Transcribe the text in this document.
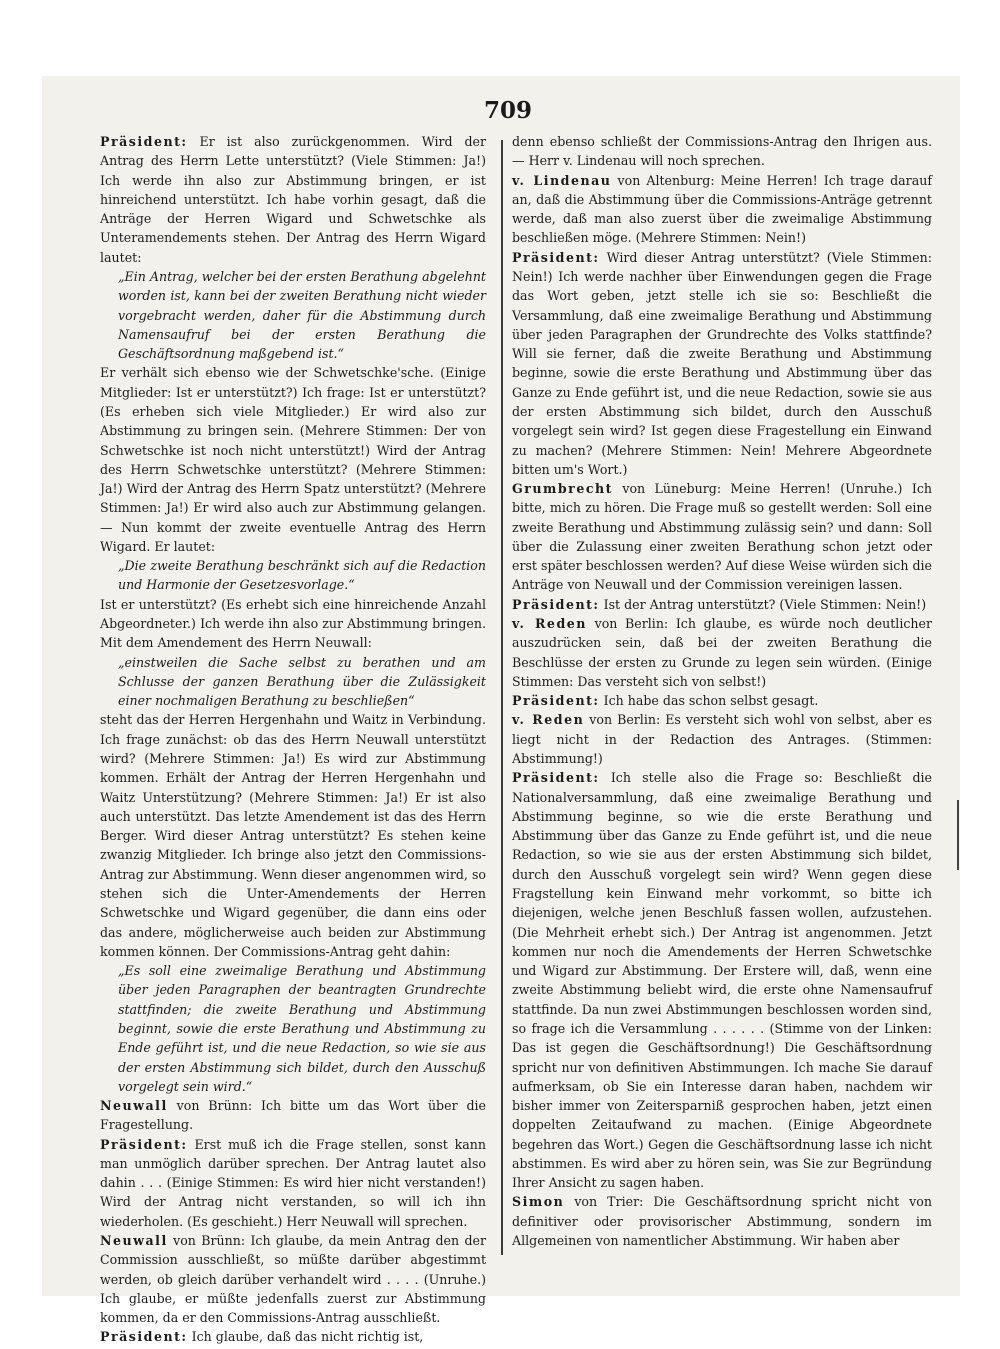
709

Präsident: Er ist also zurückgenommen. Wird der Antrag des Herrn Lette unterstützt? (Viele Stimmen: Ja!) Ich werde ihn also zur Abstimmung bringen, er ist hinreichend unterstützt. Ich habe vorhin gesagt, daß die Anträge der Herren Wigard und Schwetschke als Unteramendements stehen. Der Antrag des Herrn Wigard lautet:

„Ein Antrag, welcher bei der ersten Berathung abgelehnt worden ist, kann bei der zweiten Berathung nicht wieder vorgebracht werden, daher für die Abstimmung durch Namensaufruf bei der ersten Berathung die Geschäftsordnung maßgebend ist.“

Er verhält sich ebenso wie der Schwetschke'sche. (Einige Mitglieder: Ist er unterstützt?) Ich frage: Ist er unterstützt? (Es erheben sich viele Mitglieder.) Er wird also zur Abstimmung zu bringen sein. (Mehrere Stimmen: Der von Schwetschke ist noch nicht unterstützt!) Wird der Antrag des Herrn Schwetschke unterstützt? (Mehrere Stimmen: Ja!) Wird der Antrag des Herrn Spatz unterstützt? (Mehrere Stimmen: Ja!) Er wird also auch zur Abstimmung gelangen. — Nun kommt der zweite eventuelle Antrag des Herrn Wigard. Er lautet:

„Die zweite Berathung beschränkt sich auf die Redaction und Harmonie der Gesetzesvorlage.“

Ist er unterstützt? (Es erhebt sich eine hinreichende Anzahl Abgeordneter.) Ich werde ihn also zur Abstimmung bringen. Mit dem Amendement des Herrn Neuwall:

„einstweilen die Sache selbst zu berathen und am Schlusse der ganzen Berathung über die Zulässigkeit einer nochmaligen Berathung zu beschließen“

steht das der Herren Hergenhahn und Waitz in Verbindung. Ich frage zunächst: ob das des Herrn Neuwall unterstützt wird? (Mehrere Stimmen: Ja!) Es wird zur Abstimmung kommen. Erhält der Antrag der Herren Hergenhahn und Waitz Unterstützung? (Mehrere Stimmen: Ja!) Er ist also auch unterstützt. Das letzte Amendement ist das des Herrn Berger. Wird dieser Antrag unterstützt? Es stehen keine zwanzig Mitglieder. Ich bringe also jetzt den Commissions-Antrag zur Abstimmung. Wenn dieser angenommen wird, so stehen sich die Unter-Amendements der Herren Schwetschke und Wigard gegenüber, die dann eins oder das andere, möglicherweise auch beiden zur Abstimmung kommen können. Der Commissions-Antrag geht dahin:

„Es soll eine zweimalige Berathung und Abstimmung über jeden Paragraphen der beantragten Grundrechte stattfinden; die zweite Berathung und Abstimmung beginnt, sowie die erste Berathung und Abstimmung zu Ende geführt ist, und die neue Redaction, so wie sie aus der ersten Abstimmung sich bildet, durch den Ausschuß vorgelegt sein wird.“

Neuwall von Brünn: Ich bitte um das Wort über die Fragestellung.

Präsident: Erst muß ich die Frage stellen, sonst kann man unmöglich darüber sprechen. Der Antrag lautet also dahin . . . (Einige Stimmen: Es wird hier nicht verstanden!) Wird der Antrag nicht verstanden, so will ich ihn wiederholen. (Es geschieht.) Herr Neuwall will sprechen.

Neuwall von Brünn: Ich glaube, da mein Antrag den der Commission ausschließt, so müßte darüber abgestimmt werden, ob gleich darüber verhandelt wird . . . . (Unruhe.) Ich glaube, er müßte jedenfalls zuerst zur Abstimmung kommen, da er den Commissions-Antrag ausschließt.

Präsident: Ich glaube, daß das nicht richtig ist,

denn ebenso schließt der Commissions-Antrag den Ihrigen aus. — Herr v. Lindenau will noch sprechen.

v. Lindenau von Altenburg: Meine Herren! Ich trage darauf an, daß die Abstimmung über die Commissions-Anträge getrennt werde, daß man also zuerst über die zweimalige Abstimmung beschließen möge. (Mehrere Stimmen: Nein!)

Präsident: Wird dieser Antrag unterstützt? (Viele Stimmen: Nein!) Ich werde nachher über Einwendungen gegen die Frage das Wort geben, jetzt stelle ich sie so: Beschließt die Versammlung, daß eine zweimalige Berathung und Abstimmung über jeden Paragraphen der Grundrechte des Volks stattfinde? Will sie ferner, daß die zweite Berathung und Abstimmung beginne, sowie die erste Berathung und Abstimmung über das Ganze zu Ende geführt ist, und die neue Redaction, sowie sie aus der ersten Abstimmung sich bildet, durch den Ausschuß vorgelegt sein wird? Ist gegen diese Fragestellung ein Einwand zu machen? (Mehrere Stimmen: Nein! Mehrere Abgeordnete bitten um's Wort.)

Grumbrecht von Lüneburg: Meine Herren! (Unruhe.) Ich bitte, mich zu hören. Die Frage muß so gestellt werden: Soll eine zweite Berathung und Abstimmung zulässig sein? und dann: Soll über die Zulassung einer zweiten Berathung schon jetzt oder erst später beschlossen werden? Auf diese Weise würden sich die Anträge von Neuwall und der Commission vereinigen lassen.

Präsident: Ist der Antrag unterstützt? (Viele Stimmen: Nein!)

v. Reden von Berlin: Ich glaube, es würde noch deutlicher auszudrücken sein, daß bei der zweiten Berathung die Beschlüsse der ersten zu Grunde zu legen sein würden. (Einige Stimmen: Das versteht sich von selbst!)

Präsident: Ich habe das schon selbst gesagt.

v. Reden von Berlin: Es versteht sich wohl von selbst, aber es liegt nicht in der Redaction des Antrages. (Stimmen: Abstimmung!)

Präsident: Ich stelle also die Frage so: Beschließt die Nationalversammlung, daß eine zweimalige Berathung und Abstimmung beginne, so wie die erste Berathung und Abstimmung über das Ganze zu Ende geführt ist, und die neue Redaction, so wie sie aus der ersten Abstimmung sich bildet, durch den Ausschuß vorgelegt sein wird? Wenn gegen diese Fragstellung kein Einwand mehr vorkommt, so bitte ich diejenigen, welche jenen Beschluß fassen wollen, aufzustehen. (Die Mehrheit erhebt sich.) Der Antrag ist angenommen. Jetzt kommen nur noch die Amendements der Herren Schwetschke und Wigard zur Abstimmung. Der Erstere will, daß, wenn eine zweite Abstimmung beliebt wird, die erste ohne Namensaufruf stattfinde. Da nun zwei Abstimmungen beschlossen worden sind, so frage ich die Versammlung . . . . . . (Stimme von der Linken: Das ist gegen die Geschäftsordnung!) Die Geschäftsordnung spricht nur von definitiven Abstimmungen. Ich mache Sie darauf aufmerksam, ob Sie ein Interesse daran haben, nachdem wir bisher immer von Zeitersparniß gesprochen haben, jetzt einen doppelten Zeitaufwand zu machen. (Einige Abgeordnete begehren das Wort.) Gegen die Geschäftsordnung lasse ich nicht abstimmen. Es wird aber zu hören sein, was Sie zur Begründung Ihrer Ansicht zu sagen haben.

Simon von Trier: Die Geschäftsordnung spricht nicht von definitiver oder provisorischer Abstimmung, sondern im Allgemeinen von namentlicher Abstimmung. Wir haben aber
